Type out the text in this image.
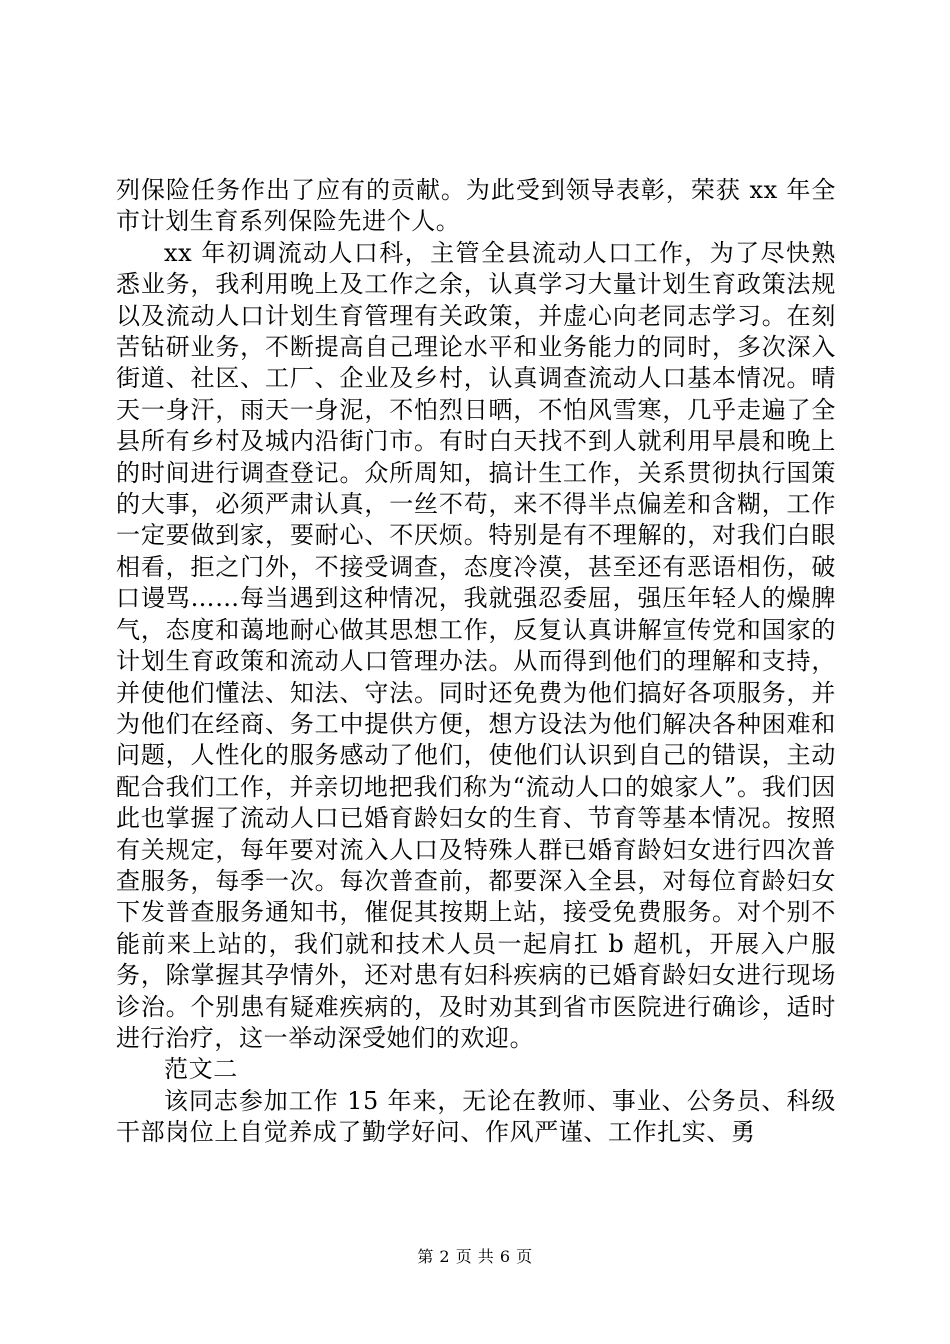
列保险任务作出了应有的贡献。为此受到领导表彰，荣获 xx 年全市计划生育系列保险先进个人。

xx 年初调流动人口科，主管全县流动人口工作，为了尽快熟悉业务，我利用晚上及工作之余，认真学习大量计划生育政策法规以及流动人口计划生育管理有关政策，并虚心向老同志学习。在刻苦钻研业务，不断提高自己理论水平和业务能力的同时，多次深入街道、社区、工厂、企业及乡村，认真调查流动人口基本情况。晴天一身汗，雨天一身泥，不怕烈日晒，不怕风雪寒，几乎走遍了全县所有乡村及城内沿街门市。有时白天找不到人就利用早晨和晚上的时间进行调查登记。众所周知，搞计生工作，关系贯彻执行国策的大事，必须严肃认真，一丝不苟，来不得半点偏差和含糊，工作一定要做到家，要耐心、不厌烦。特别是有不理解的，对我们白眼相看，拒之门外，不接受调查，态度冷漠，甚至还有恶语相伤，破口谩骂……每当遇到这种情况，我就强忍委屈，强压年轻人的燥脾气，态度和蔼地耐心做其思想工作，反复认真讲解宣传党和国家的计划生育政策和流动人口管理办法。从而得到他们的理解和支持，并使他们懂法、知法、守法。同时还免费为他们搞好各项服务，并为他们在经商、务工中提供方便，想方设法为他们解决各种困难和问题，人性化的服务感动了他们，使他们认识到自己的错误，主动配合我们工作，并亲切地把我们称为“流动人口的娘家人”。我们因此也掌握了流动人口已婚育龄妇女的生育、节育等基本情况。按照有关规定，每年要对流入人口及特殊人群已婚育龄妇女进行四次普查服务，每季一次。每次普查前，都要深入全县，对每位育龄妇女下发普查服务通知书，催促其按期上站，接受免费服务。对个别不能前来上站的，我们就和技术人员一起肩扛 b 超机，开展入户服务，除掌握其孕情外，还对患有妇科疾病的已婚育龄妇女进行现场诊治。个别患有疑难疾病的，及时劝其到省市医院进行确诊，适时进行治疗，这一举动深受她们的欢迎。

范文二

该同志参加工作 15 年来，无论在教师、事业、公务员、科级干部岗位上自觉养成了勤学好问、作风严谨、工作扎实、勇

第 2 页 共 6 页
